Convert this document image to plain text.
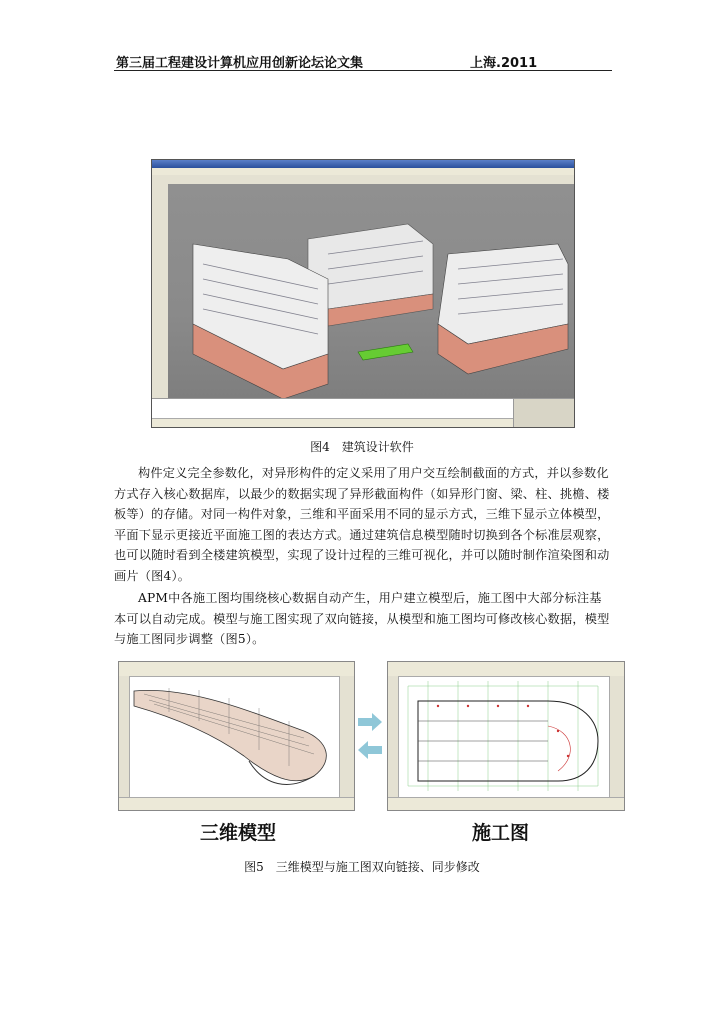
第三届工程建设计算机应用创新论坛论文集	上海.2011
图4　建筑设计软件

构件定义完全参数化，对异形构件的定义采用了用户交互绘制截面的方式，并以参数化方式存入核心数据库，以最少的数据实现了异形截面构件（如异形门窗、梁、柱、挑檐、楼板等）的存储。对同一构件对象，三维和平面采用不同的显示方式，三维下显示立体模型，平面下显示更接近平面施工图的表达方式。通过建筑信息模型随时切换到各个标准层观察，也可以随时看到全楼建筑模型，实现了设计过程的三维可视化，并可以随时制作渲染图和动画片（图4）。

APM中各施工图均围绕核心数据自动产生，用户建立模型后，施工图中大部分标注基本可以自动完成。模型与施工图实现了双向链接，从模型和施工图均可修改核心数据，模型与施工图同步调整（图5）。

三维模型	施工图
图5　三维模型与施工图双向链接、同步修改
